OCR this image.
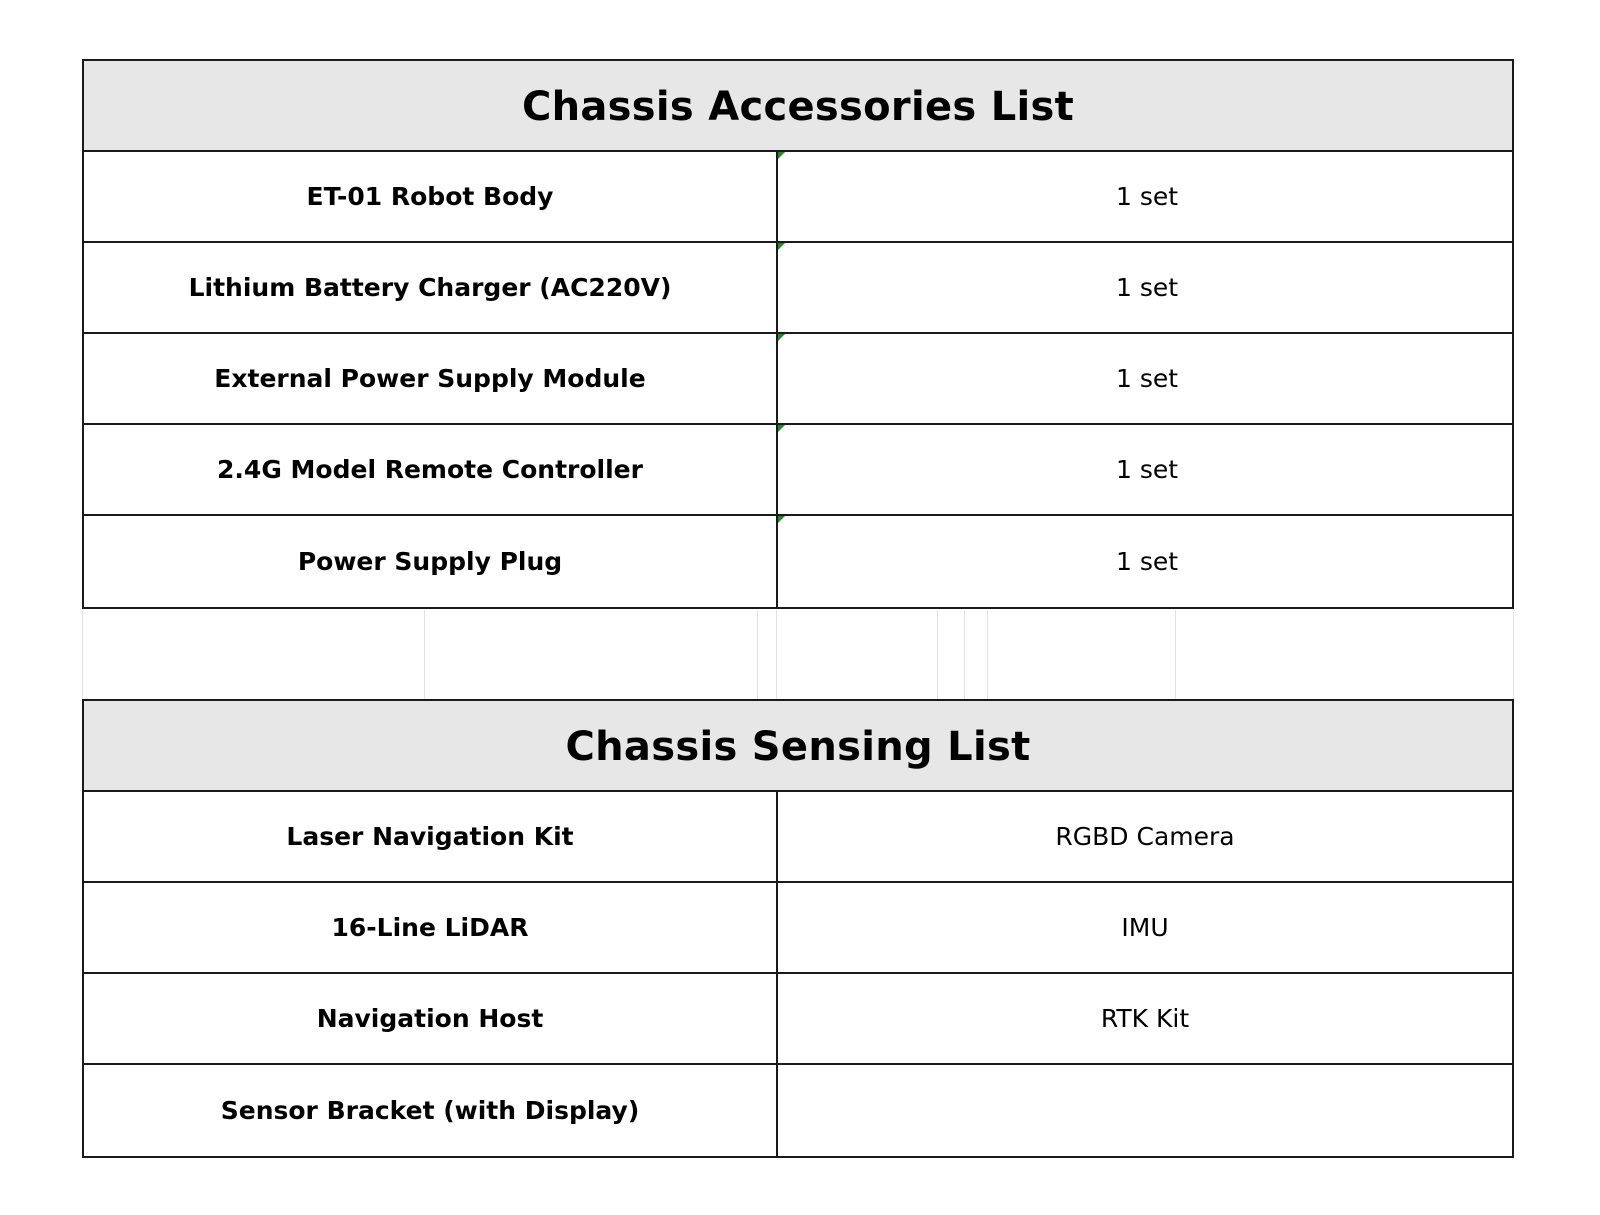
Chassis Accessories List
ET-01 Robot Body	1 set
Lithium Battery Charger (AC220V)	1 set
External Power Supply Module	1 set
2.4G Model Remote Controller	1 set
Power Supply Plug	1 set
Chassis Sensing List
Laser Navigation Kit	RGBD Camera
16-Line LiDAR	IMU
Navigation Host	RTK Kit
Sensor Bracket (with Display)
